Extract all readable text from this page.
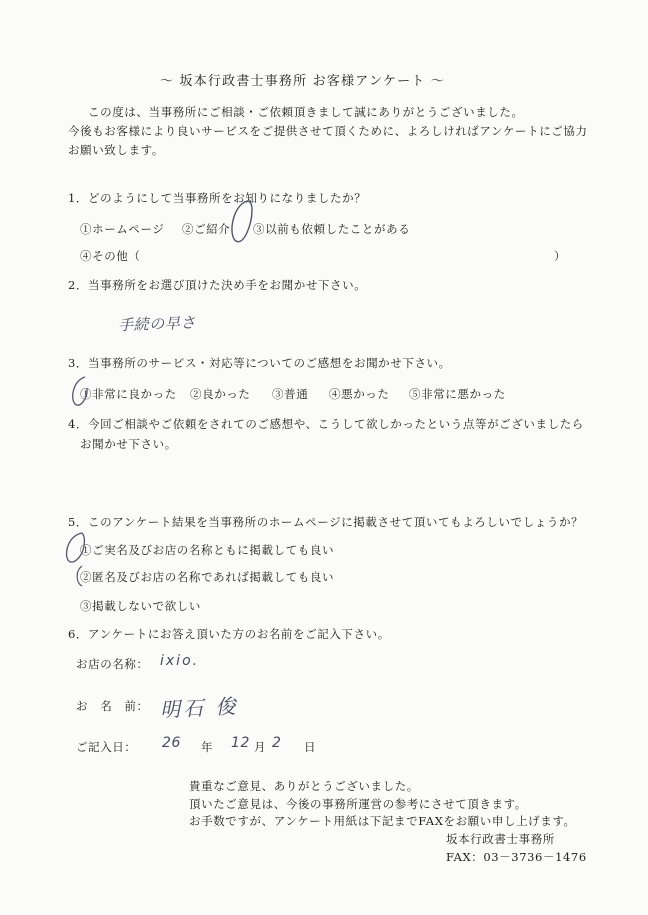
〜 坂本行政書士事務所 お客様アンケート 〜
この度は、当事務所にご相談・ご依頼頂きまして誠にありがとうございました。
今後もお客様により良いサービスをご提供させて頂くために、よろしければアンケートにご協力
お願い致します。
1．どのようにして当事務所をお知りになりましたか？
①ホームページ ②ご紹介 ③以前も依頼したことがある
④その他（	）
2．当事務所をお選び頂けた決め手をお聞かせ下さい。
手続の早さ
3．当事務所のサービス・対応等についてのご感想をお聞かせ下さい。
①非常に良かった ②良かった ③普通 ④悪かった ⑤非常に悪かった
4．今回ご相談やご依頼をされてのご感想や、こうして欲しかったという点等がございましたら
お聞かせ下さい。
5．このアンケート結果を当事務所のホームページに掲載させて頂いてもよろしいでしょうか？
①ご実名及びお店の名称ともに掲載しても良い
②匿名及びお店の名称であれば掲載しても良い
③掲載しないで欲しい
6．アンケートにお答え頂いた方のお名前をご記入下さい。
お店の名称： ixio.
お　名　前： 明石 俊
ご記入日： 26 年 12 月 2 日
貴重なご意見、ありがとうございました。
頂いたご意見は、今後の事務所運営の参考にさせて頂きます。
お手数ですが、アンケート用紙は下記までFAXをお願い申し上げます。
坂本行政書士事務所
FAX：03－3736－1476
